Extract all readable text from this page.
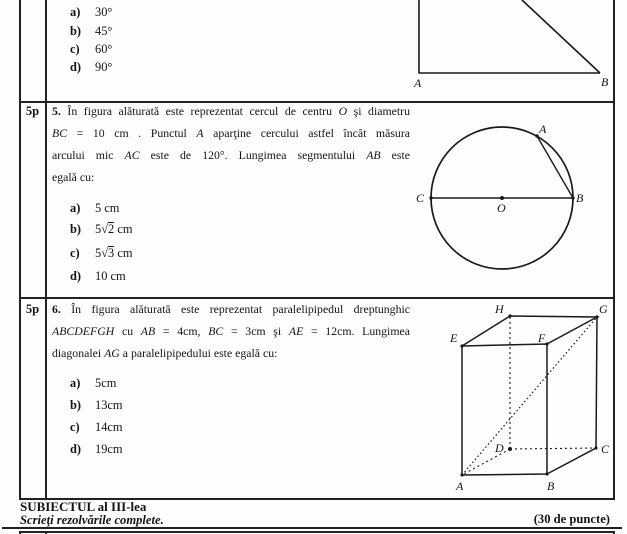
a) 30°
b) 45°
c) 60°
d) 90°
A	B
5p	5. În figura alăturată este reprezentat cercul de centru O şi diametru
BC = 10 cm . Punctul A aparţine cercului astfel încât măsura
arcului mic AC este de 120°. Lungimea segmentului AB este
egală cu:
a) 5 cm
b) 5√2 cm
c) 5√3 cm
d) 10 cm
A
B
C
O
5p	6. În figura alăturată este reprezentat paralelipipedul dreptunghic
ABCDEFGH cu AB = 4cm, BC = 3cm şi AE = 12cm. Lungimea
diagonalei AG a paralelipipedului este egală cu:
a) 5cm
b) 13cm
c) 14cm
d) 19cm
A	B
C
D
E	F
G
H
SUBIECTUL al III-lea
Scrieţi rezolvările complete.	(30 de puncte)
